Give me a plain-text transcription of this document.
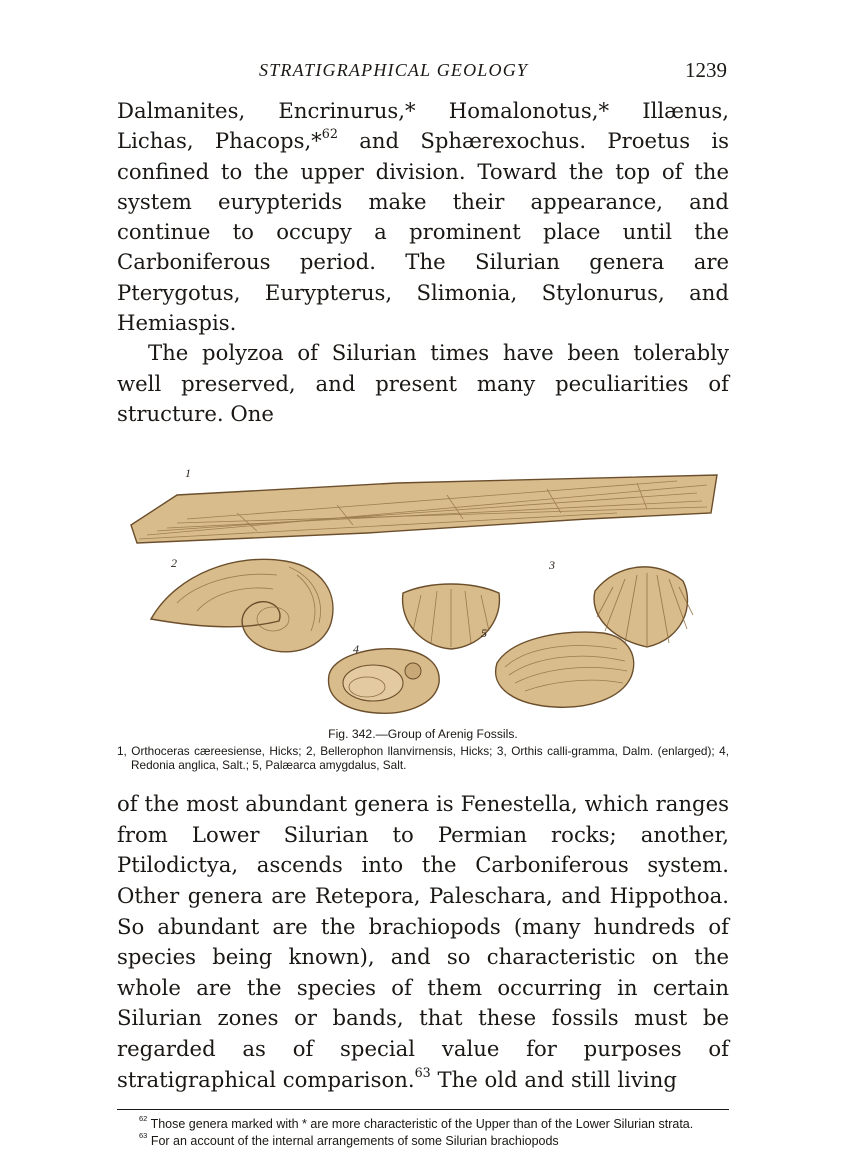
STRATIGRAPHICAL GEOLOGY	1239

Dalmanites, Encrinurus,* Homalonotus,* Illænus, Lichas, Phacops,*$^{62}$ and Sphærexochus. Proetus is confined to the upper division. Toward the top of the system eurypterids make their appearance, and continue to occupy a prominent place until the Carboniferous period. The Silurian genera are Pterygotus, Eurypterus, Slimonia, Stylonurus, and Hemiaspis.

The polyzoa of Silurian times have been tolerably well preserved, and present many peculiarities of structure. One

1
2	3
4
5

Fig. 342.—Group of Arenig Fossils.

1, Orthoceras cæreesiense, Hicks; 2, Bellerophon llanvirnensis, Hicks; 3, Orthis calli-gramma, Dalm. (enlarged); 4, Redonia anglica, Salt.; 5, Palæarca amygdalus, Salt.

of the most abundant genera is Fenestella, which ranges from Lower Silurian to Permian rocks; another, Ptilodictya, ascends into the Carboniferous system. Other genera are Retepora, Paleschara, and Hippothoa. So abundant are the brachiopods (many hundreds of species being known), and so characteristic on the whole are the species of them occurring in certain Silurian zones or bands, that these fossils must be regarded as of special value for purposes of stratigraphical comparison.$^{63}$ The old and still living

$^{62}$ Those genera marked with * are more characteristic of the Upper than of the Lower Silurian strata.

$^{63}$ For an account of the internal arrangements of some Silurian brachiopods
